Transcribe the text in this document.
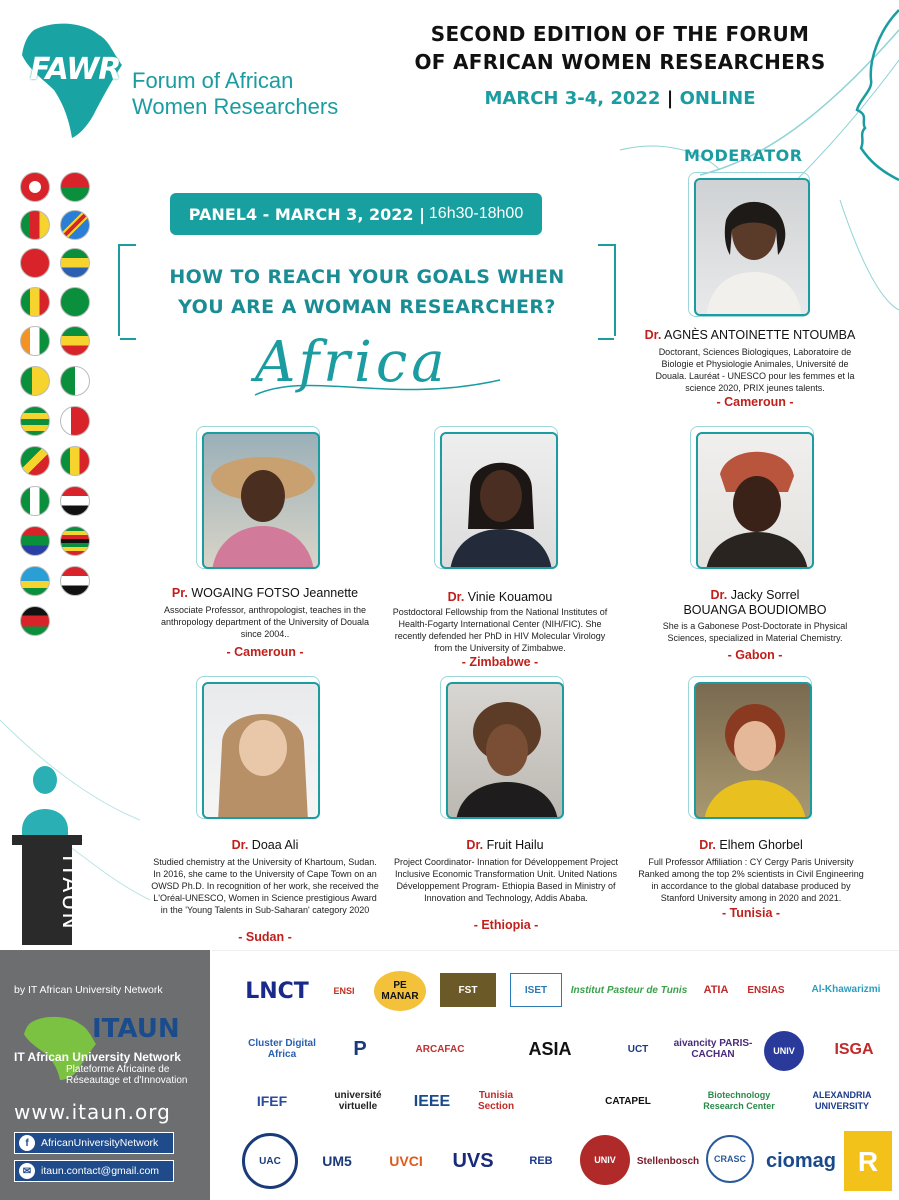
FAWR Forum of African
Women Researchers
SECOND EDITION OF THE FORUM
OF AFRICAN WOMEN RESEARCHERS
MARCH 3-4, 2022 | ONLINE
PANEL4 - MARCH 3, 2022 | 16h30-18h00
HOW TO REACH YOUR GOALS WHEN
YOU ARE A WOMAN RESEARCHER?
Africa
MODERATOR
Dr. AGNÈS ANTOINETTE NTOUMBA
Doctorant, Sciences Biologiques, Laboratoire de Biologie et Physiologie Animales, Université de Douala. Lauréat - UNESCO pour les femmes et la science 2020, PRIX jeunes talents.
- Cameroun -
Pr. WOGAING FOTSO Jeannette
Associate Professor, anthropologist, teaches in the anthropology department of the University of Douala since 2004..
- Cameroun -
Dr. Vinie Kouamou
Postdoctoral Fellowship from the National Institutes of Health-Fogarty International Center (NIH/FIC). She recently defended her PhD in HIV Molecular Virology from the University of Zimbabwe.
- Zimbabwe -
Dr. Jacky Sorrel
BOUANGA BOUDIOMBO
She is a Gabonese Post-Doctorate in Physical Sciences, specialized in Material Chemistry.
- Gabon -
Dr. Doaa Ali
Studied chemistry at the University of Khartoum, Sudan. In 2016, she came to the University of Cape Town on an OWSD Ph.D. In recognition of her work, she received the L'Oréal-UNESCO, Women in Science prestigious Award in the 'Young Talents in Sub-Saharan' category 2020
- Sudan -
Dr. Fruit Hailu
Project Coordinator- Innation for Développement Project Inclusive Economic Transformation Unit. United Nations Développement Program- Ethiopia Based in Ministry of Innovation and Technology, Addis Ababa.
- Ethiopia -
Dr. Elhem Ghorbel
Full Professor Affiliation : CY Cergy Paris University Ranked among the top 2% scientists in Civil Engineering in accordance to the global database produced by Stanford University among in 2020 and 2021.
- Tunisia -
ITAUN
by IT African University Network
ITAUN
IT African University Network
Plateforme Africaine de
Réseautage et d'Innovation
www.itaun.org
f	AfricanUniversityNetwork
✉ itaun.contact@gmail.com
LNCT	ENSI	PE MANAR
FST	ISET	Institut Pasteur de Tunis	ATIA	ENSIAS	Al-Khawarizmi
Cluster Digital Africa	P	ARCAFAC	ASIA	UCT	aivancity PARIS-CACHAN	UNIV	ISGA
IFEF	université virtuelle	IEEE	Tunisia Section	CATAPEL
Biotechnology Research Center
ALEXANDRIA UNIVERSITY
UAC	UM5	UVCI	UVS	REB	UNIV	Stellenbosch	CRASC ciomag R
